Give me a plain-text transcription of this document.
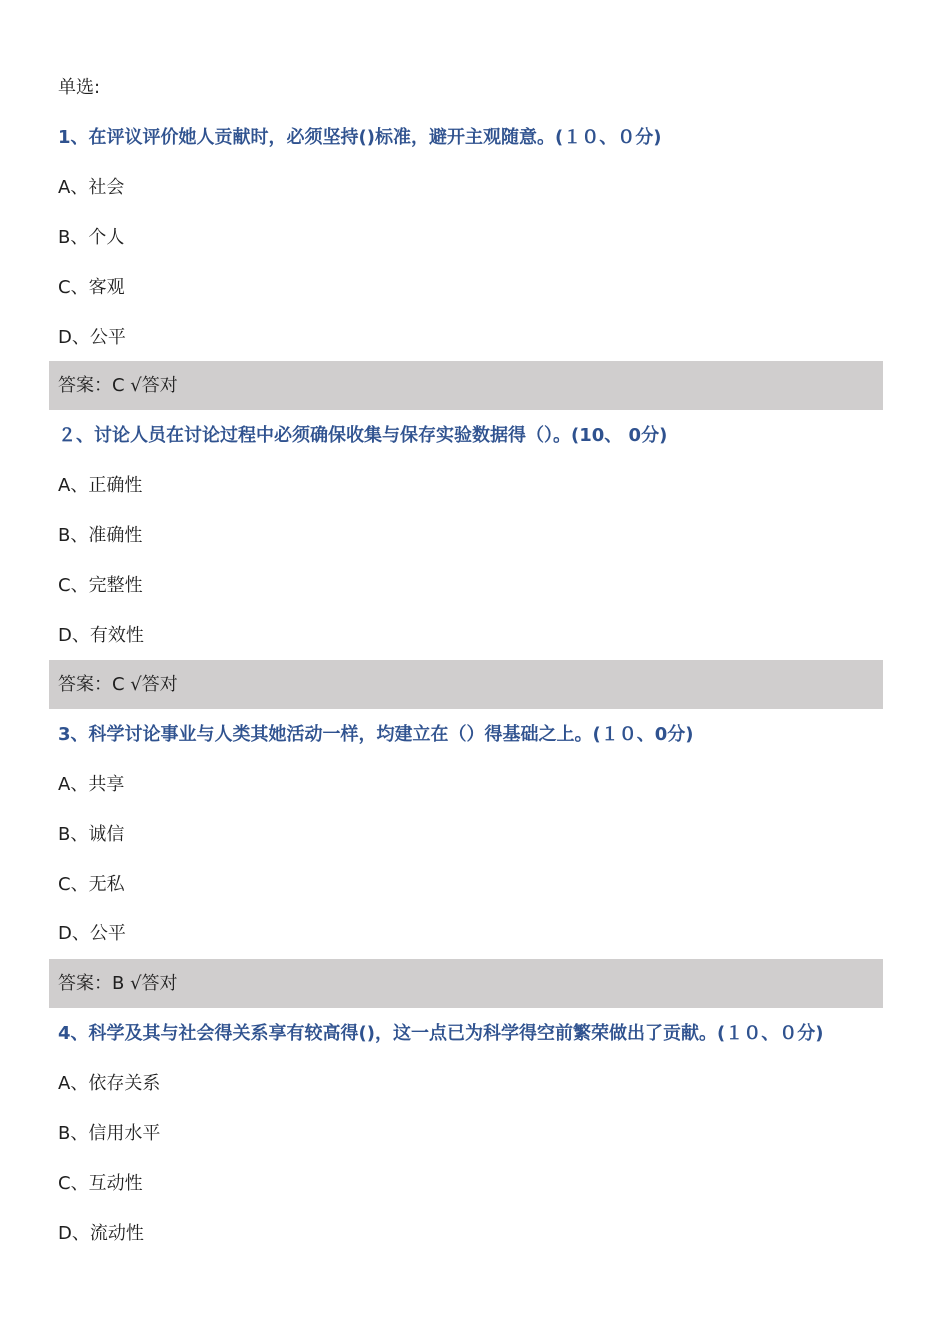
单选:
1、在评议评价她人贡献时，必须坚持()标准，避开主观随意。(１０、０分)
A、社会
B、个人
C、客观
D、公平
答案：C √答对
２、讨论人员在讨论过程中必须确保收集与保存实验数据得（）。(10、 0分)
A、正确性
B、准确性
C、完整性
D、有效性
答案：C √答对
3、科学讨论事业与人类其她活动一样，均建立在（）得基础之上。(１０、0分)
A、共享
B、诚信
C、无私
D、公平
答案：B √答对
4、科学及其与社会得关系享有较高得()，这一点已为科学得空前繁荣做出了贡献。(１０、０分)
A、依存关系
B、信用水平
C、互动性
D、流动性
